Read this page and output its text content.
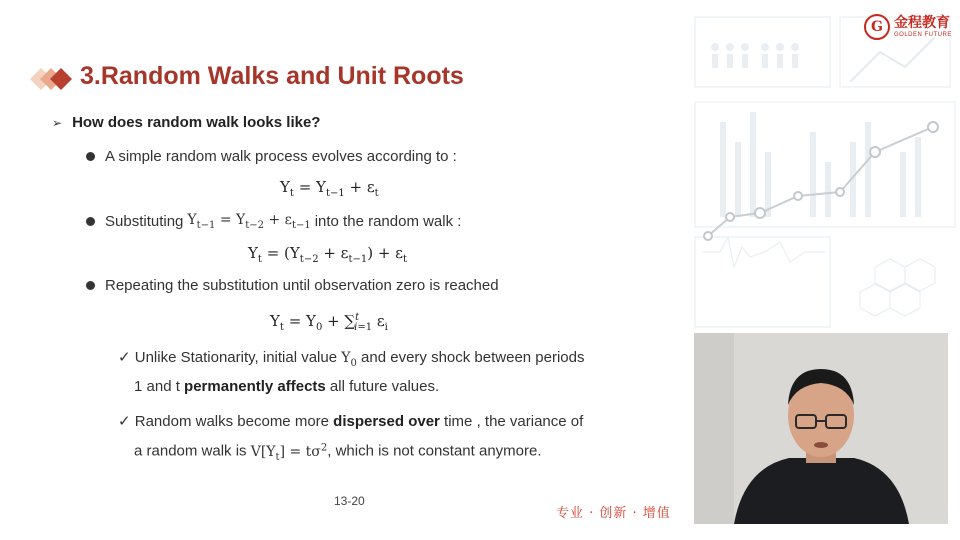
G 金程教育
GOLDEN FUTURE
3.Random Walks and Unit Roots
➢ How does random walk looks like?
A simple random walk process evolves according to :
$Y_t = Y_{t-1} + \varepsilon_t$
Substituting $Y_{t-1} = Y_{t-2} + \varepsilon_{t-1}$ into the random walk :
$Y_t = (Y_{t-2} + \varepsilon_{t-1}) + \varepsilon_t$
Repeating the substitution until observation zero is reached
$Y_t = Y_0 + \sum^t_{i=1}$ $\varepsilon_i$
✓ Unlike Stationarity, initial value $Y_0$ and every shock between periods
1 and t permanently affects all future values.
✓ Random walks become more dispersed over time , the variance of
a random walk is $V[Y_t] = t\sigma^2$, which is not constant anymore.
13-20
专业 · 创新 · 增值
